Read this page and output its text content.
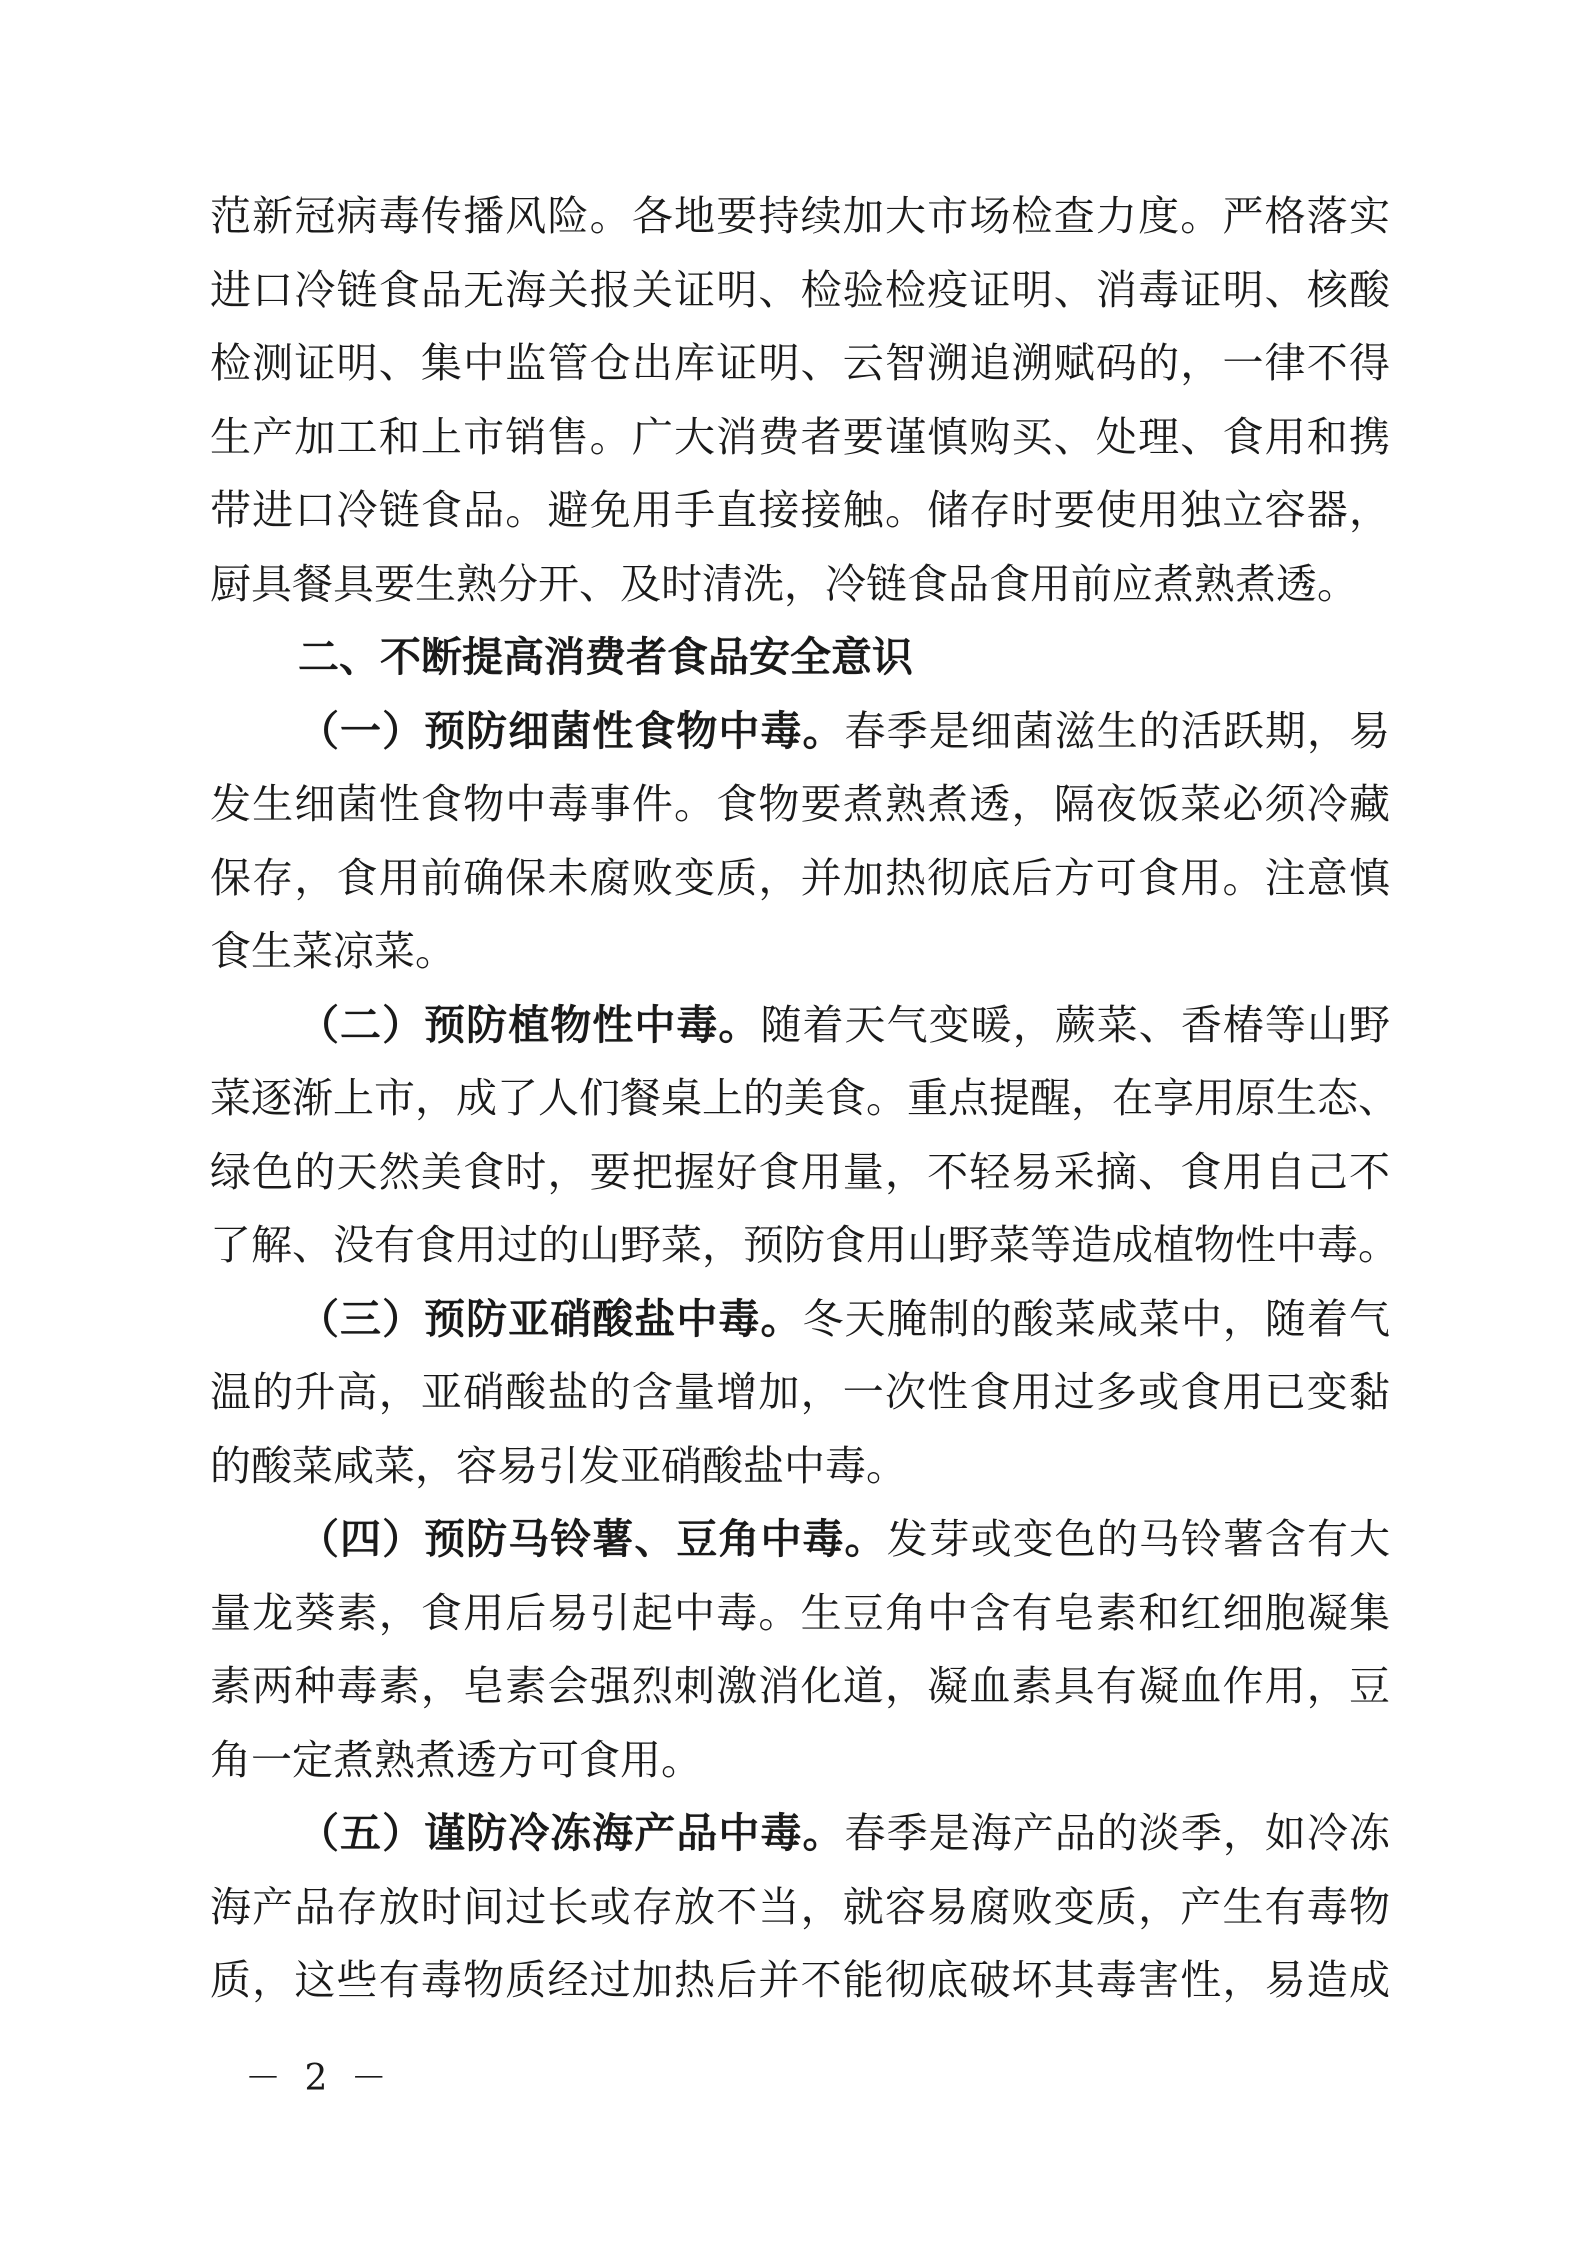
范新冠病毒传播风险。各地要持续加大市场检查力度。严格落实
进口冷链食品无海关报关证明、检验检疫证明、消毒证明、核酸
检测证明、集中监管仓出库证明、云智溯追溯赋码的，一律不得
生产加工和上市销售。广大消费者要谨慎购买、处理、食用和携
带进口冷链食品。避免用手直接接触。储存时要使用独立容器，
厨具餐具要生熟分开、及时清洗，冷链食品食用前应煮熟煮透。
二、不断提高消费者食品安全意识
（一）预防细菌性食物中毒。春季是细菌滋生的活跃期，易
发生细菌性食物中毒事件。食物要煮熟煮透，隔夜饭菜必须冷藏
保存，食用前确保未腐败变质，并加热彻底后方可食用。注意慎
食生菜凉菜。
（二）预防植物性中毒。随着天气变暖，蕨菜、香椿等山野
菜逐渐上市，成了人们餐桌上的美食。重点提醒，在享用原生态、
绿色的天然美食时，要把握好食用量，不轻易采摘、食用自己不
了解、没有食用过的山野菜，预防食用山野菜等造成植物性中毒。
（三）预防亚硝酸盐中毒。冬天腌制的酸菜咸菜中，随着气
温的升高，亚硝酸盐的含量增加，一次性食用过多或食用已变黏
的酸菜咸菜，容易引发亚硝酸盐中毒。
（四）预防马铃薯、豆角中毒。发芽或变色的马铃薯含有大
量龙葵素，食用后易引起中毒。生豆角中含有皂素和红细胞凝集
素两种毒素，皂素会强烈刺激消化道，凝血素具有凝血作用，豆
角一定煮熟煮透方可食用。
（五）谨防冷冻海产品中毒。春季是海产品的淡季，如冷冻
海产品存放时间过长或存放不当，就容易腐败变质，产生有毒物
质，这些有毒物质经过加热后并不能彻底破坏其毒害性，易造成
－ 2 －
